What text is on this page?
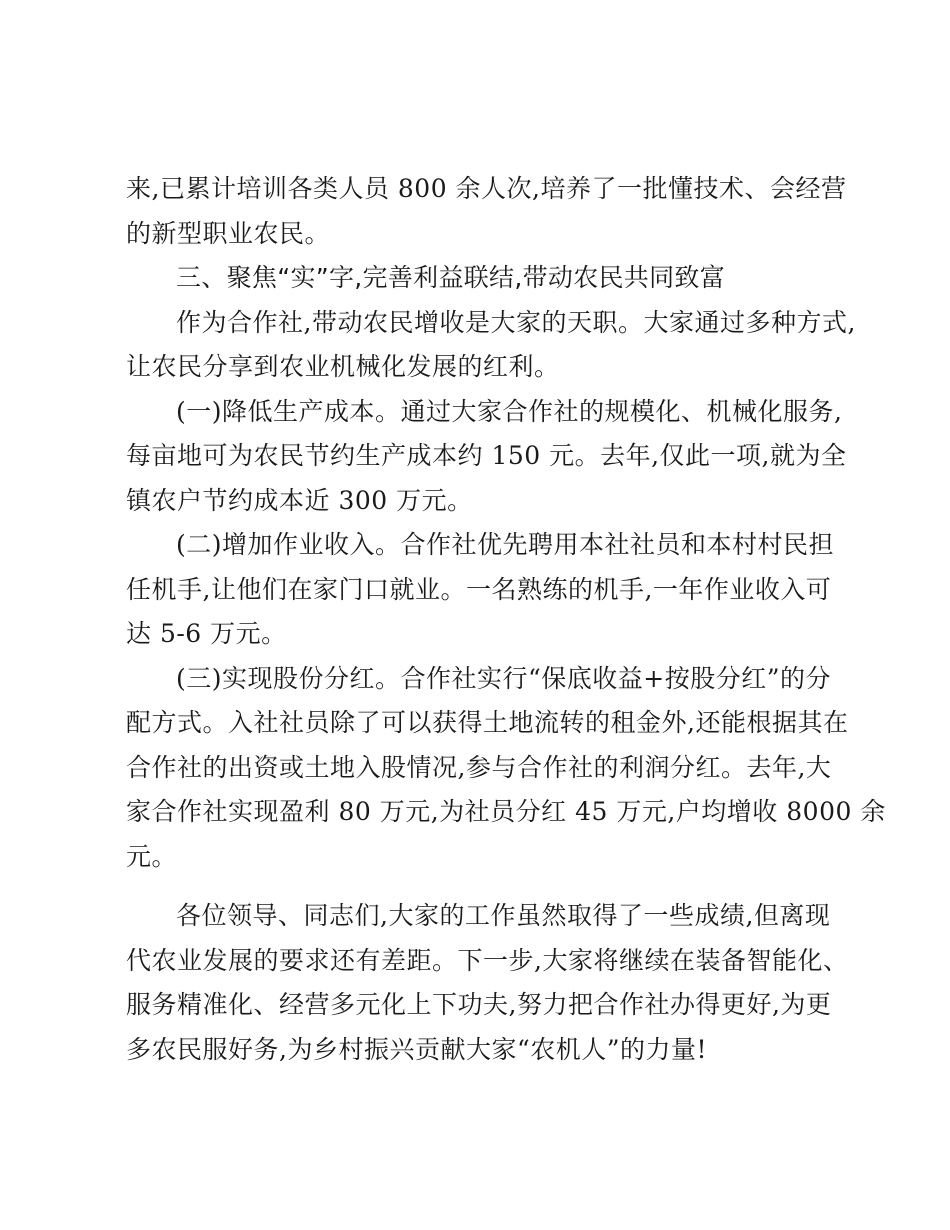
来,已累计培训各类人员 800 余人次,培养了一批懂技术、会经营
的新型职业农民。
三、聚焦“实”字,完善利益联结,带动农民共同致富
作为合作社,带动农民增收是大家的天职。大家通过多种方式,
让农民分享到农业机械化发展的红利。
(一)降低生产成本。通过大家合作社的规模化、机械化服务,
每亩地可为农民节约生产成本约 150 元。去年,仅此一项,就为全
镇农户节约成本近 300 万元。
(二)增加作业收入。合作社优先聘用本社社员和本村村民担
任机手,让他们在家门口就业。一名熟练的机手,一年作业收入可
达 5-6 万元。
(三)实现股份分红。合作社实行“保底收益+按股分红”的分
配方式。入社社员除了可以获得土地流转的租金外,还能根据其在
合作社的出资或土地入股情况,参与合作社的利润分红。去年,大
家合作社实现盈利 80 万元,为社员分红 45 万元,户均增收 8000 余
元。
各位领导、同志们,大家的工作虽然取得了一些成绩,但离现
代农业发展的要求还有差距。下一步,大家将继续在装备智能化、
服务精准化、经营多元化上下功夫,努力把合作社办得更好,为更
多农民服好务,为乡村振兴贡献大家“农机人”的力量!
